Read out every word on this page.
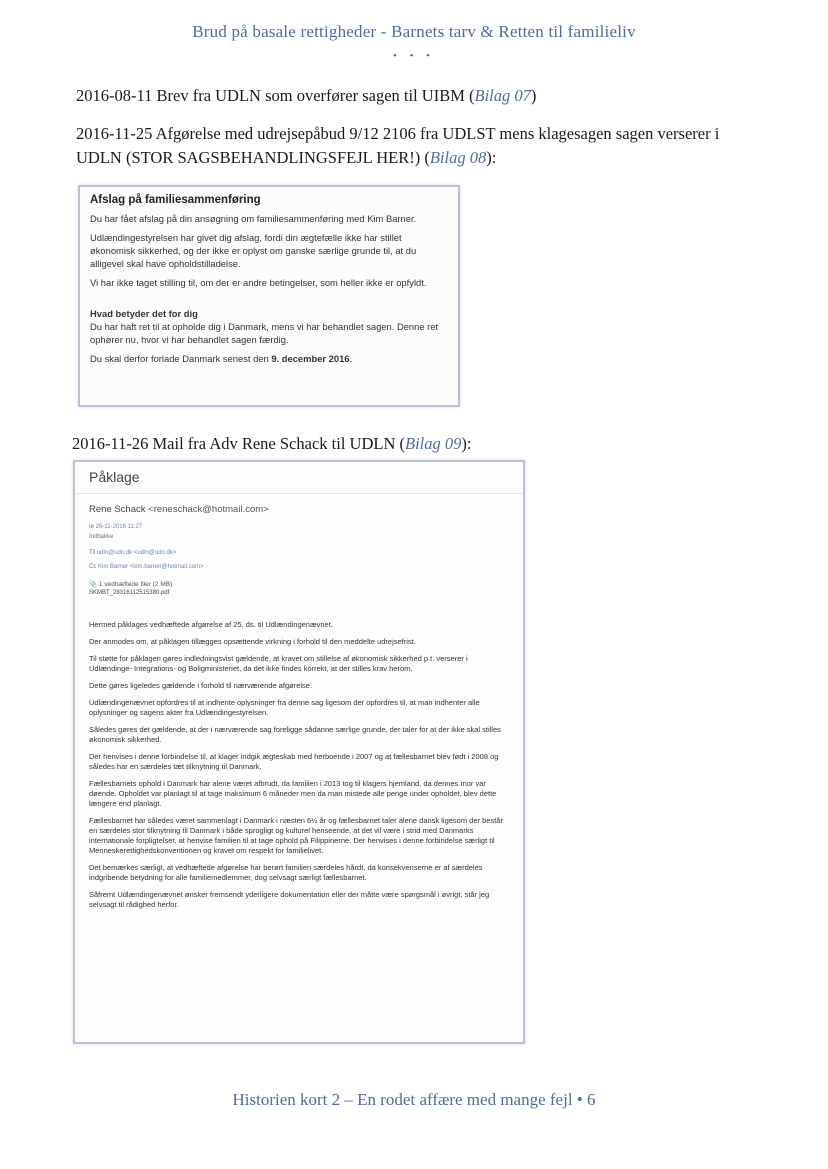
Brud på basale rettigheder - Barnets tarv & Retten til familieliv
• • •
2016-08-11 Brev fra UDLN som overfører sagen til UIBM (Bilag 07)
2016-11-25 Afgørelse med udrejsepåbud 9/12 2106 fra UDLST mens klagesagen sagen verserer i UDLN (STOR SAGSBEHANDLINGSFEJL HER!) (Bilag 08):
Afslag på familiesammenføring

Du har fået afslag på din ansøgning om familiesammenføring med Kim Barner.

Udlændingestyrelsen har givet dig afslag, fordi din ægtefælle ikke har stillet økonomisk sikkerhed, og der ikke er oplyst om ganske særlige grunde til, at du alligevel skal have opholdstilladelse.

Vi har ikke taget stilling til, om der er andre betingelser, som heller ikke er opfyldt.

Hvad betyder det for dig

Du har haft ret til at opholde dig i Danmark, mens vi har behandlet sagen. Denne ret ophører nu, hvor vi har behandlet sagen færdig.

Du skal derfor forlade Danmark senest den 9. december 2016.

2016-11-26 Mail fra Adv Rene Schack til UDLN (Bilag 09):
Påklage
Rene Schack <reneschack@hotmail.com>
lø 26-11-2016 11:27
Indbakke
Til udln@udn.dk <udln@udn.dk>
Cc Kim Barner <kim.barner@hotmail.com>
📎 1 vedhæftede filer (2 MB)
SKMBT_28316112515380.pdf

Hermed påklages vedhæftede afgørelse af 25. ds. til Udlændingenævnet.

Der anmodes om, at påklagen tillægges opsættende virkning i forhold til den meddelte udrejsefrist.

Til støtte for påklagen gøres indledningsvist gældende, at kravet om stillelse af økonomisk sikkerhed p.t. verserer i Udlændinge- Integrations- og Boligministeriet, da det ikke findes korrekt, at der stilles krav herom.

Dette gøres ligeledes gældende i forhold til nærværende afgørelse.

Udlændingenævnet opfordres til at indhente oplysninger fra denne sag ligesom der opfordres til, at man indhenter alle oplysninger og sagens akter fra Udlændingestyrelsen.

Således gøres det gældende, at der i nærværende sag foreligge sådanne særlige grunde, der taler for at der ikke skal stilles økonomisk sikkerhed.

Der henvises i denne forbindelse til, at klager indgik ægteskab med herboende i 2007 og at fællesbarnet blev født i 2008 og således har en særdeles tæt tilknytning til Danmark.

Fællesbarnets ophold i Danmark har alene været afbrudt, da familien i 2013 tog til klagers hjemland, da dennes mor var døende. Opholdet var planlagt til at tage maksimum 6 måneder men da man mistede alle penge under opholdet, blev dette længere end planlagt.

Fællesbarnet har således været sammenlagt i Danmark i næsten 6½ år og fællesbarnet taler alene dansk ligesom der består en særdeles stor tilknytning til Danmark i både sprogligt og kulturel henseende, at det vil være i strid med Danmarks internationale forpligtelser, at henvise familien til at tage ophold på Filippinerne. Der henvises i denne forbindelse særligt til Menneskerettighedskonventionen og kravet om respekt for familielivet.

Det bemærkes særligt, at vedhæftede afgørelse har berørt familien særdeles hårdt, da konsekvenserne er af særdeles indgribende betydning for alle familiemedlemmer, dog selvsagt særligt fællesbarnet.

Såfremt Udlændingenævnet ønsker fremsendt yderligere dokumentation eller der måtte være spørgsmål i øvrigt, står jeg selvsagt til rådighed herfor.

Historien kort 2 – En rodet affære med mange fejl • 6
